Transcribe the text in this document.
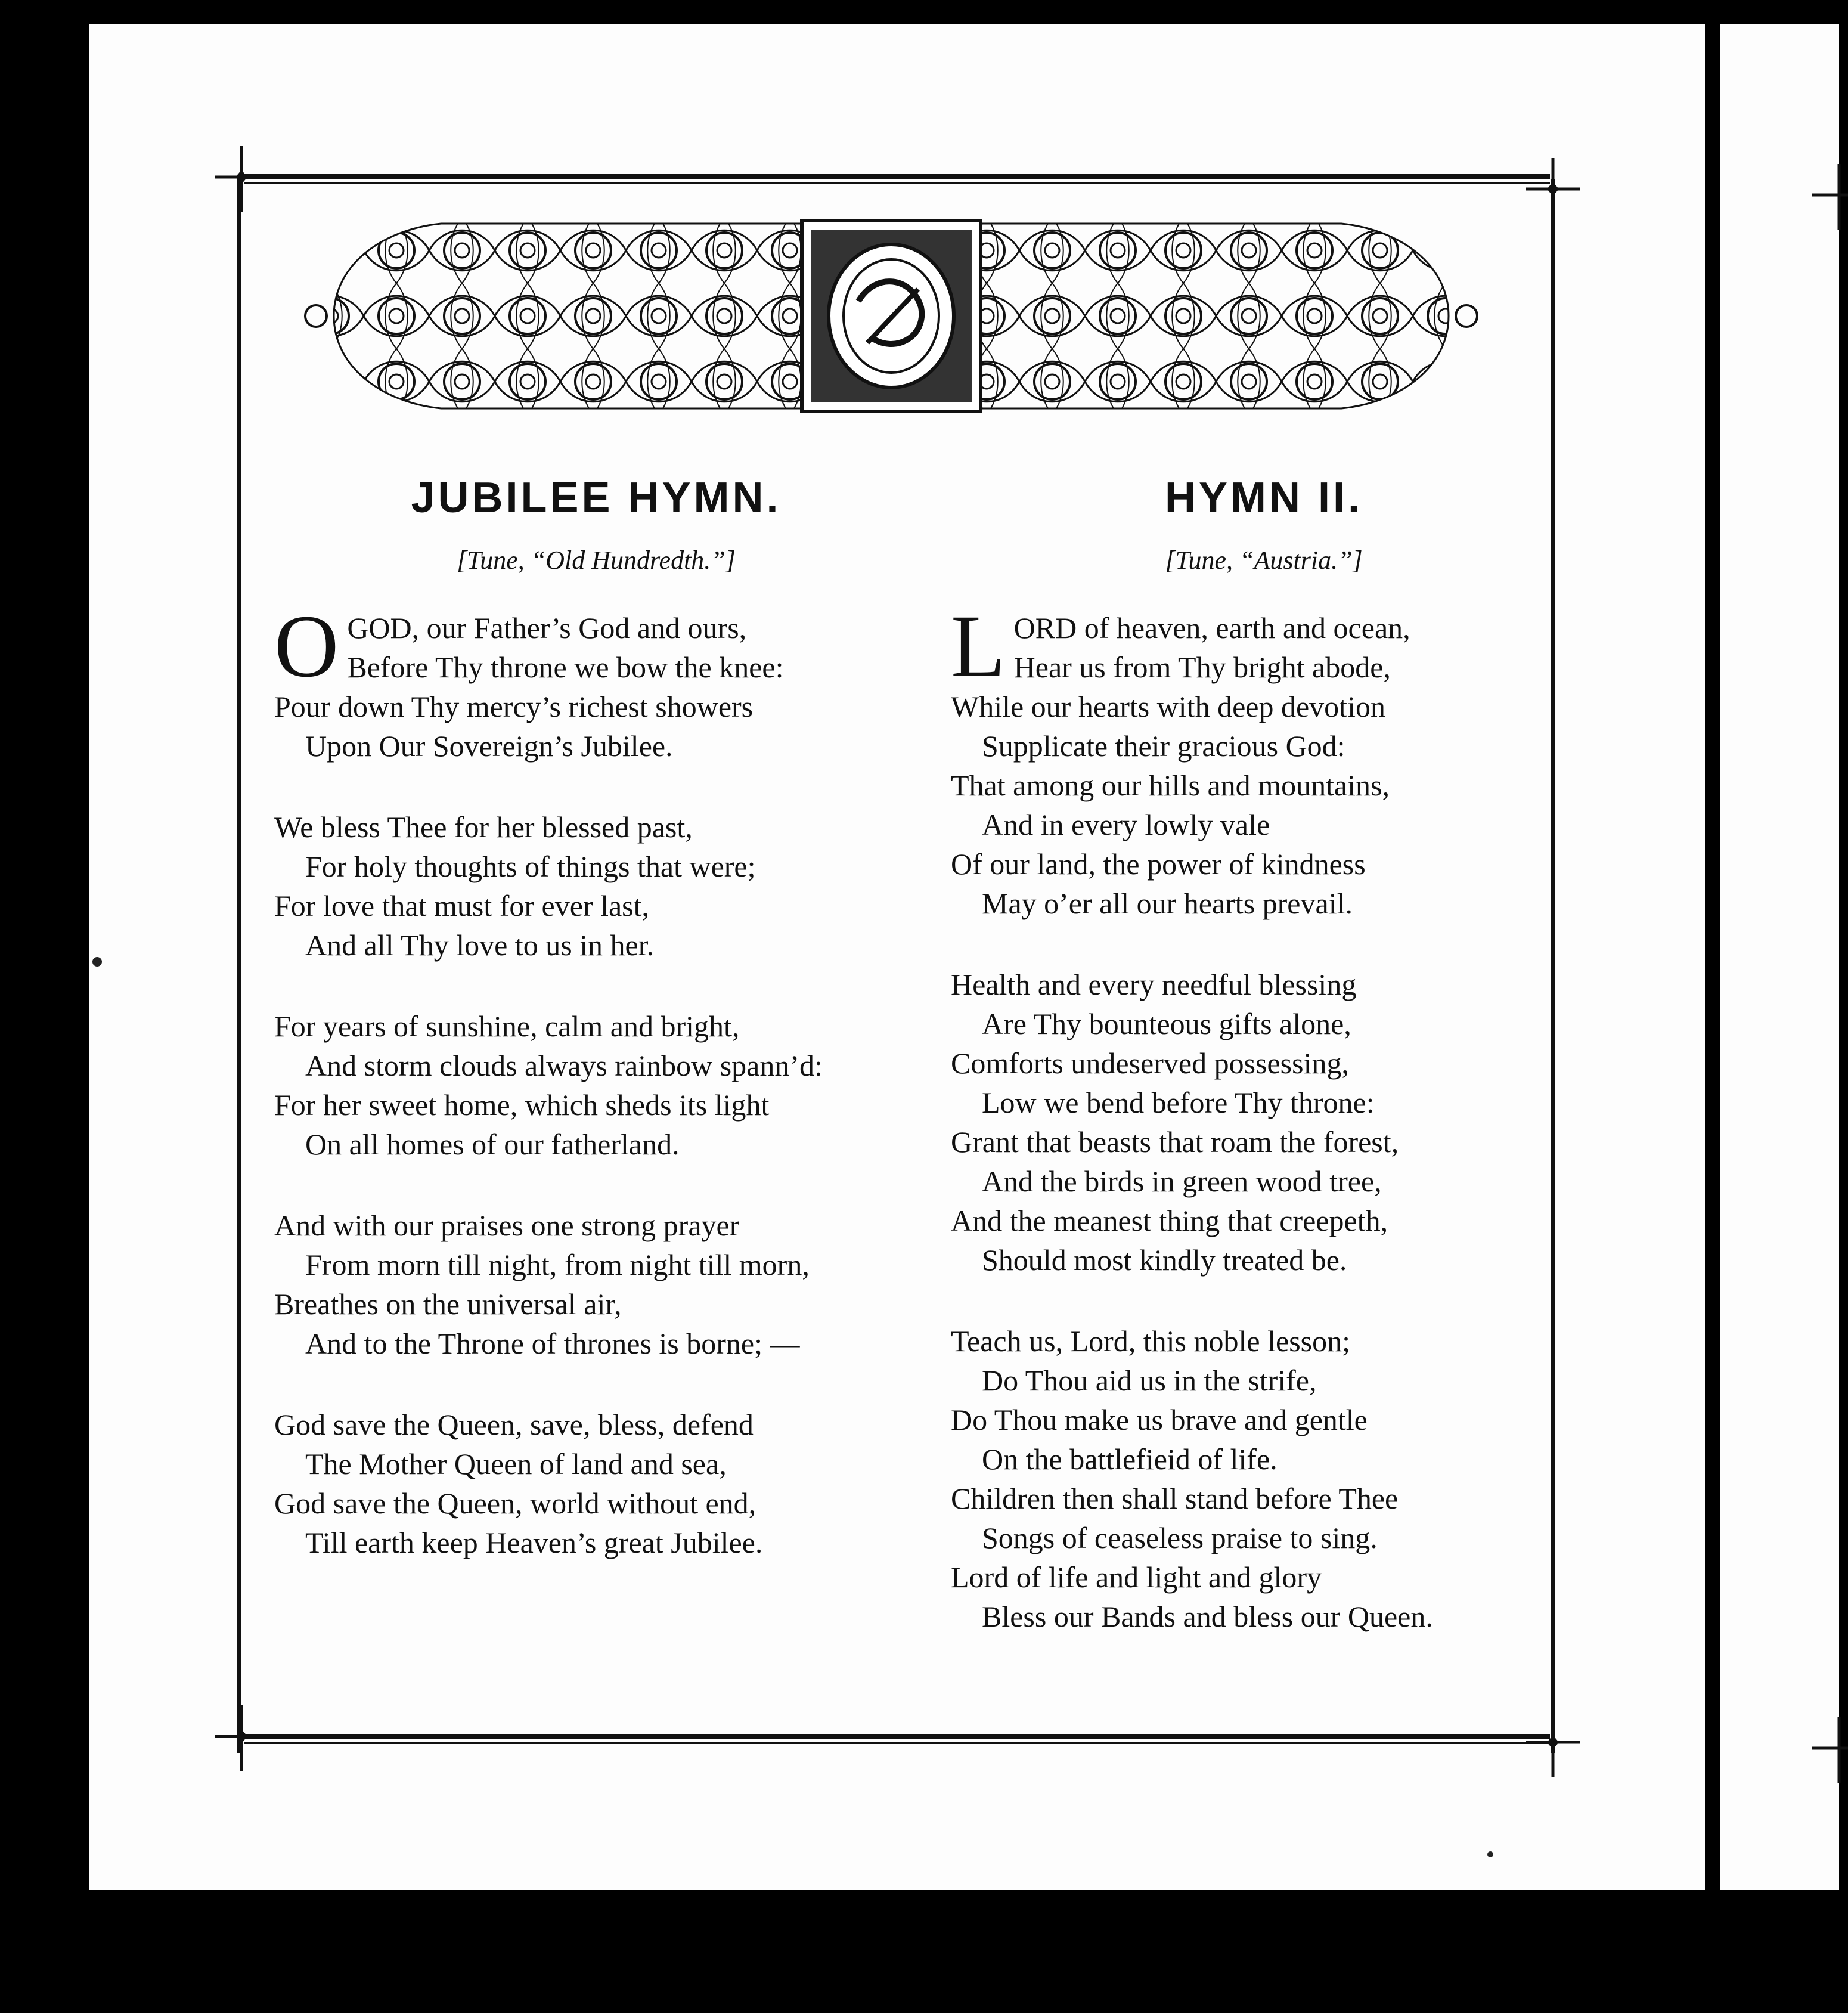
JUBILEE HYMN.
[Tune, “Old Hundredth.”]
O GOD, our Father’s God and ours,
Before Thy throne we bow the knee:
Pour down Thy mercy’s richest showers
Upon Our Sovereign’s Jubilee.
We bless Thee for her blessed past,
For holy thoughts of things that were;
For love that must for ever last,
And all Thy love to us in her.
For years of sunshine, calm and bright,
And storm clouds always rainbow spann’d:
For her sweet home, which sheds its light
On all homes of our fatherland.
And with our praises one strong prayer
From morn till night, from night till morn,
Breathes on the universal air,
And to the Throne of thrones is borne; —
God save the Queen, save, bless, defend
The Mother Queen of land and sea,
God save the Queen, world without end,
Till earth keep Heaven’s great Jubilee.
HYMN II.
[Tune, “Austria.”]
L ORD of heaven, earth and ocean,
Hear us from Thy bright abode,
While our hearts with deep devotion
Supplicate their gracious God:
That among our hills and mountains,
And in every lowly vale
Of our land, the power of kindness
May o’er all our hearts prevail.
Health and every needful blessing
Are Thy bounteous gifts alone,
Comforts undeserved possessing,
Low we bend before Thy throne:
Grant that beasts that roam the forest,
And the birds in green wood tree,
And the meanest thing that creepeth,
Should most kindly treated be.
Teach us, Lord, this noble lesson;
Do Thou aid us in the strife,
Do Thou make us brave and gentle
On the battlefieid of life.
Children then shall stand before Thee
Songs of ceaseless praise to sing.
Lord of life and light and glory
Bless our Bands and bless our Queen.
